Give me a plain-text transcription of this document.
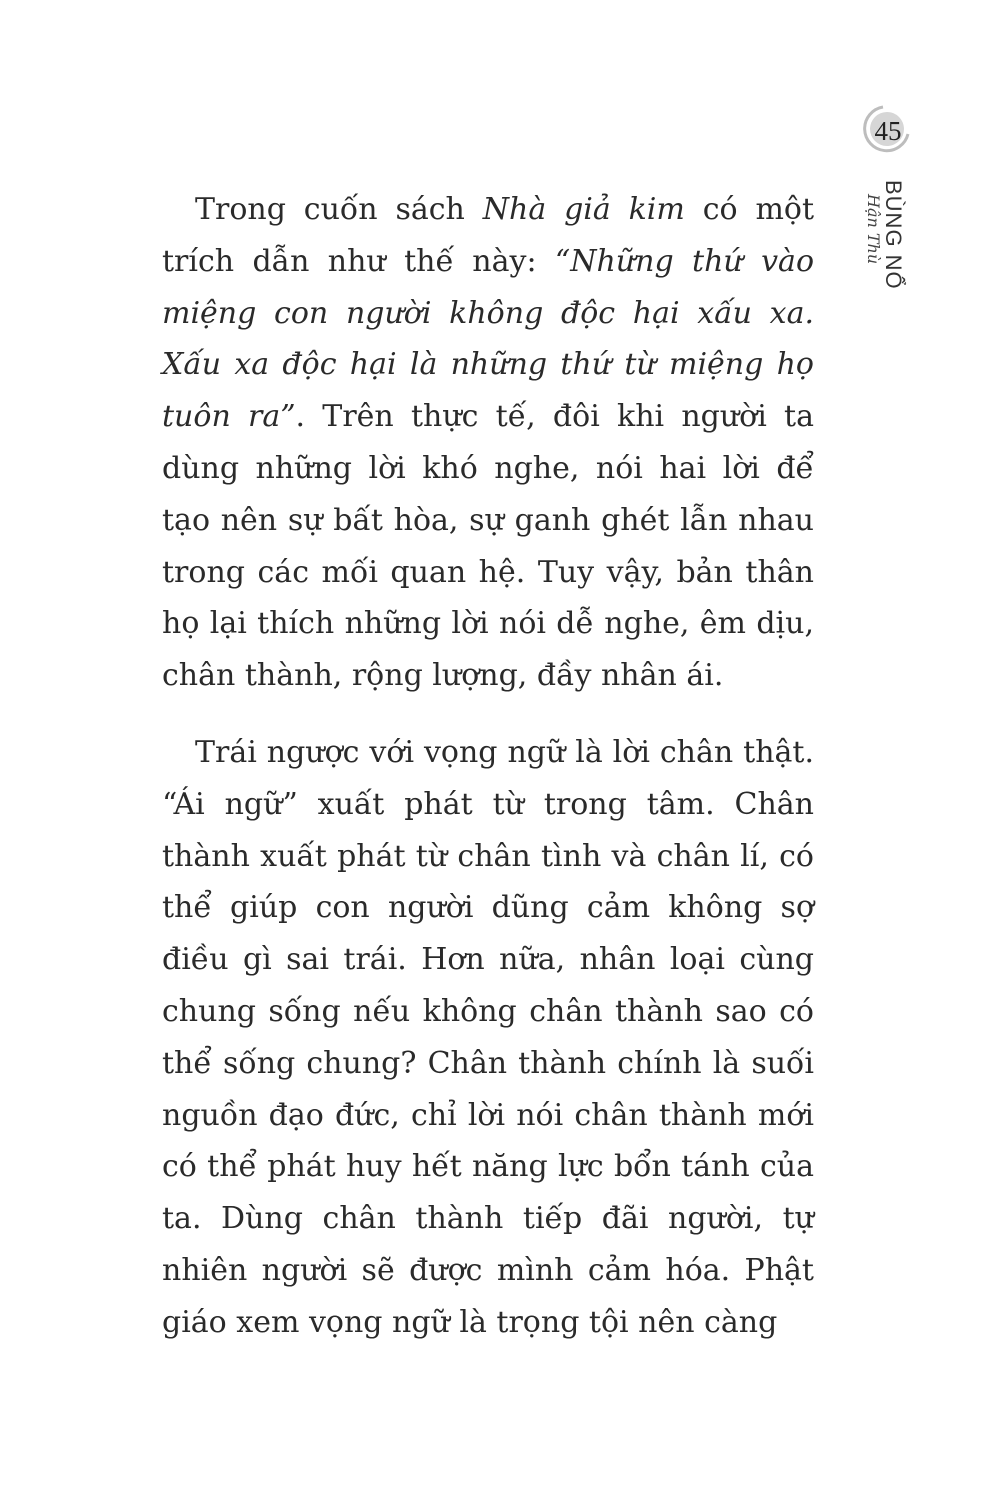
45
BÙNG NỔ Hận Thù

Trong cuốn sách Nhà giả kim có một trích dẫn như thế này: “Những thứ vào miệng con người không độc hại xấu xa. Xấu xa độc hại là những thứ từ miệng họ tuôn ra”. Trên thực tế, đôi khi người ta dùng những lời khó nghe, nói hai lời để tạo nên sự bất hòa, sự ganh ghét lẫn nhau trong các mối quan hệ. Tuy vậy, bản thân họ lại thích những lời nói dễ nghe, êm dịu, chân thành, rộng lượng, đầy nhân ái.

Trái ngược với vọng ngữ là lời chân thật. “Ái ngữ” xuất phát từ trong tâm. Chân thành xuất phát từ chân tình và chân lí, có thể giúp con người dũng cảm không sợ điều gì sai trái. Hơn nữa, nhân loại cùng chung sống nếu không chân thành sao có thể sống chung? Chân thành chính là suối nguồn đạo đức, chỉ lời nói chân thành mới có thể phát huy hết năng lực bổn tánh của ta. Dùng chân thành tiếp đãi người, tự nhiên người sẽ được mình cảm hóa. Phật giáo xem vọng ngữ là trọng tội nên càng
